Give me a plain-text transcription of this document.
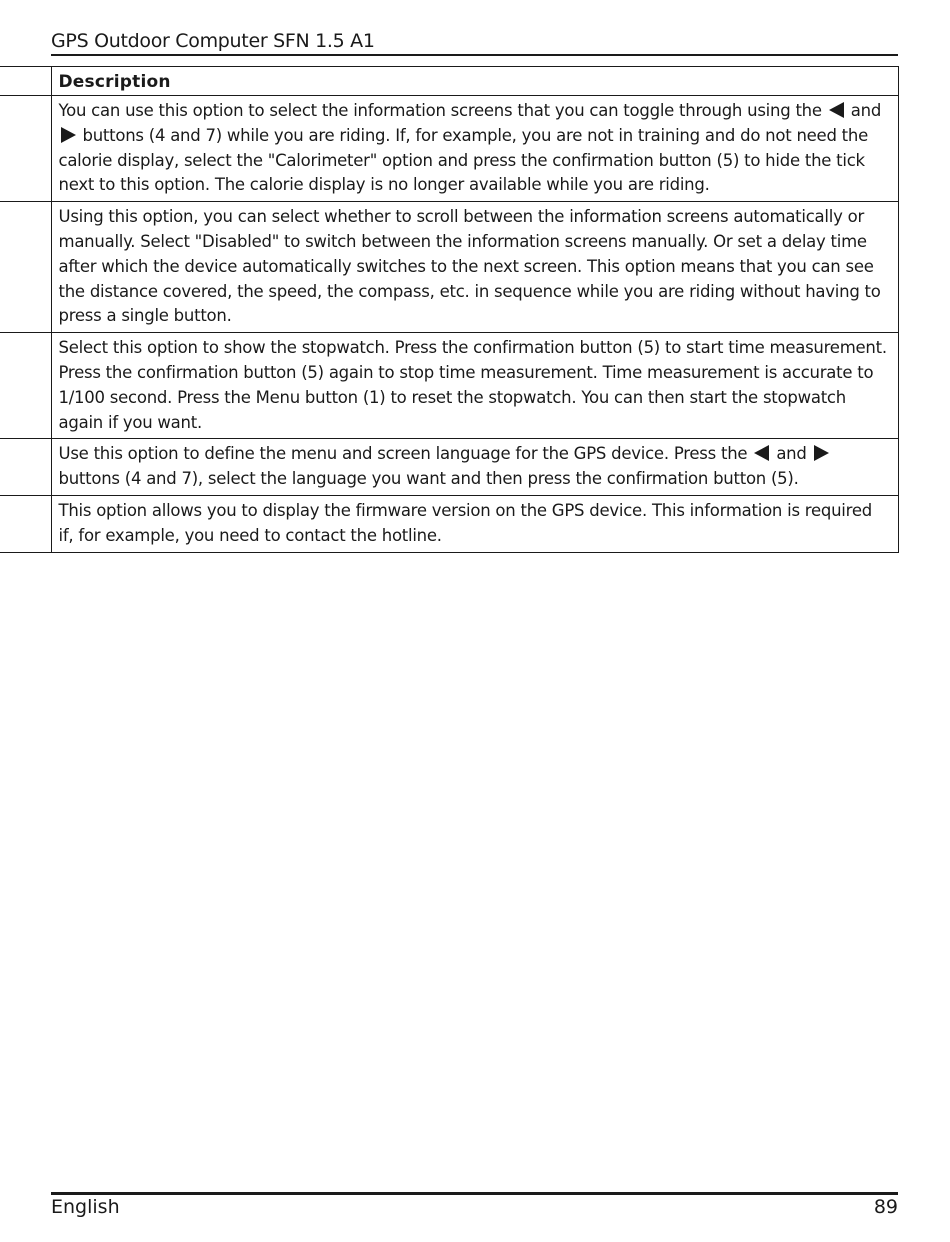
GPS Outdoor Computer SFN 1.5 A1
	Description
	You can use this option to select the information screens that you can toggle through using the  and  buttons (4 and 7) while you are riding. If, for example, you are not in training and do not need the calorie display, select the "Calorimeter" option and press the confirmation button (5) to hide the tick next to this option. The calorie display is no longer available while you are riding.
	Using this option, you can select whether to scroll between the information screens automatically or manually. Select "Disabled" to switch between the information screens manually. Or set a delay time after which the device automatically switches to the next screen. This option means that you can see the distance covered, the speed, the compass, etc. in sequence while you are riding without having to press a single button.
	Select this option to show the stopwatch. Press the confirmation button (5) to start time measurement. Press the confirmation button (5) again to stop time measurement. Time measurement is accurate to 1/100 second. Press the Menu button (1) to reset the stopwatch. You can then start the stopwatch again if you want.
	Use this option to define the menu and screen language for the GPS device. Press the  and  buttons (4 and 7), select the language you want and then press the confirmation button (5).
	This option allows you to display the firmware version on the GPS device. This information is required if, for example, you need to contact the hotline.
English	89
